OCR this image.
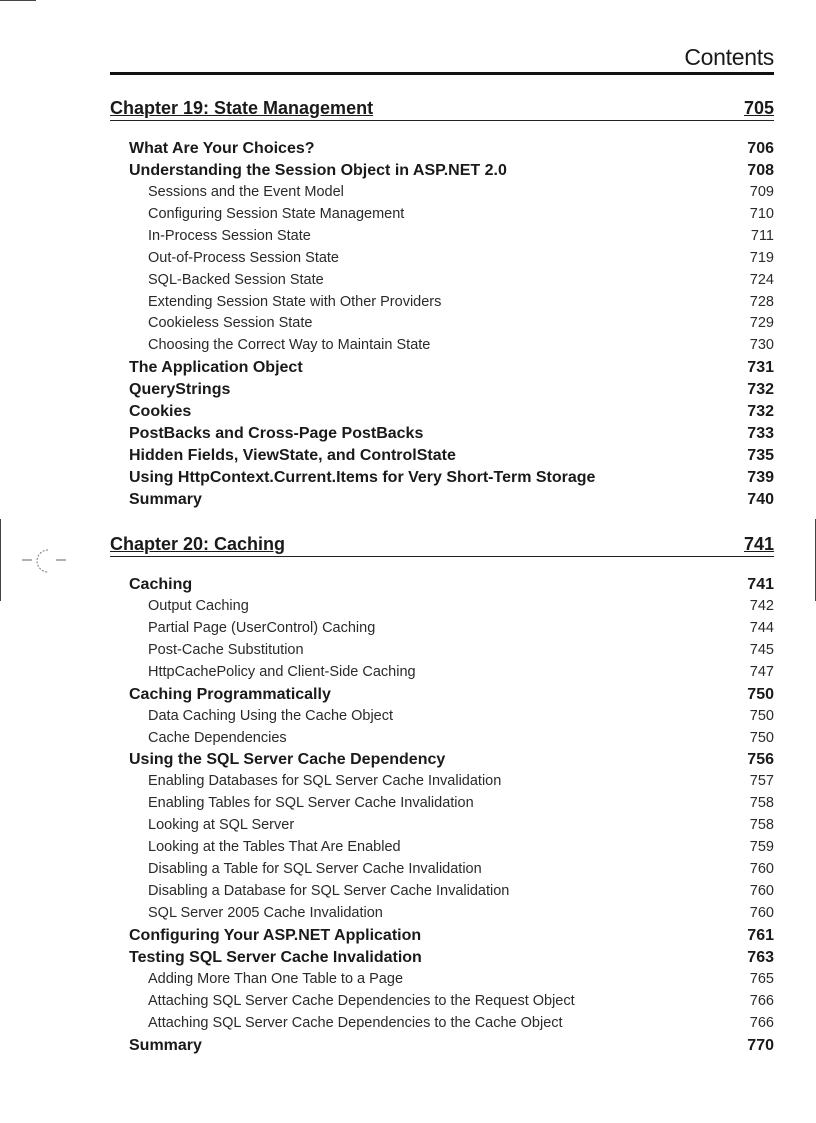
Contents
Chapter 19: State Management	705
What Are Your Choices?	706
Understanding the Session Object in ASP.NET 2.0	708
Sessions and the Event Model	709
Configuring Session State Management	710
In-Process Session State	711
Out-of-Process Session State	719
SQL-Backed Session State	724
Extending Session State with Other Providers	728
Cookieless Session State	729
Choosing the Correct Way to Maintain State	730
The Application Object	731
QueryStrings	732
Cookies	732
PostBacks and Cross-Page PostBacks	733
Hidden Fields, ViewState, and ControlState	735
Using HttpContext.Current.Items for Very Short-Term Storage	739
Summary	740
Chapter 20: Caching	741
Caching	741
Output Caching	742
Partial Page (UserControl) Caching	744
Post-Cache Substitution	745
HttpCachePolicy and Client-Side Caching	747
Caching Programmatically	750
Data Caching Using the Cache Object	750
Cache Dependencies	750
Using the SQL Server Cache Dependency	756
Enabling Databases for SQL Server Cache Invalidation	757
Enabling Tables for SQL Server Cache Invalidation	758
Looking at SQL Server	758
Looking at the Tables That Are Enabled	759
Disabling a Table for SQL Server Cache Invalidation	760
Disabling a Database for SQL Server Cache Invalidation	760
SQL Server 2005 Cache Invalidation	760
Configuring Your ASP.NET Application	761
Testing SQL Server Cache Invalidation	763
Adding More Than One Table to a Page	765
Attaching SQL Server Cache Dependencies to the Request Object	766
Attaching SQL Server Cache Dependencies to the Cache Object	766
Summary	770
